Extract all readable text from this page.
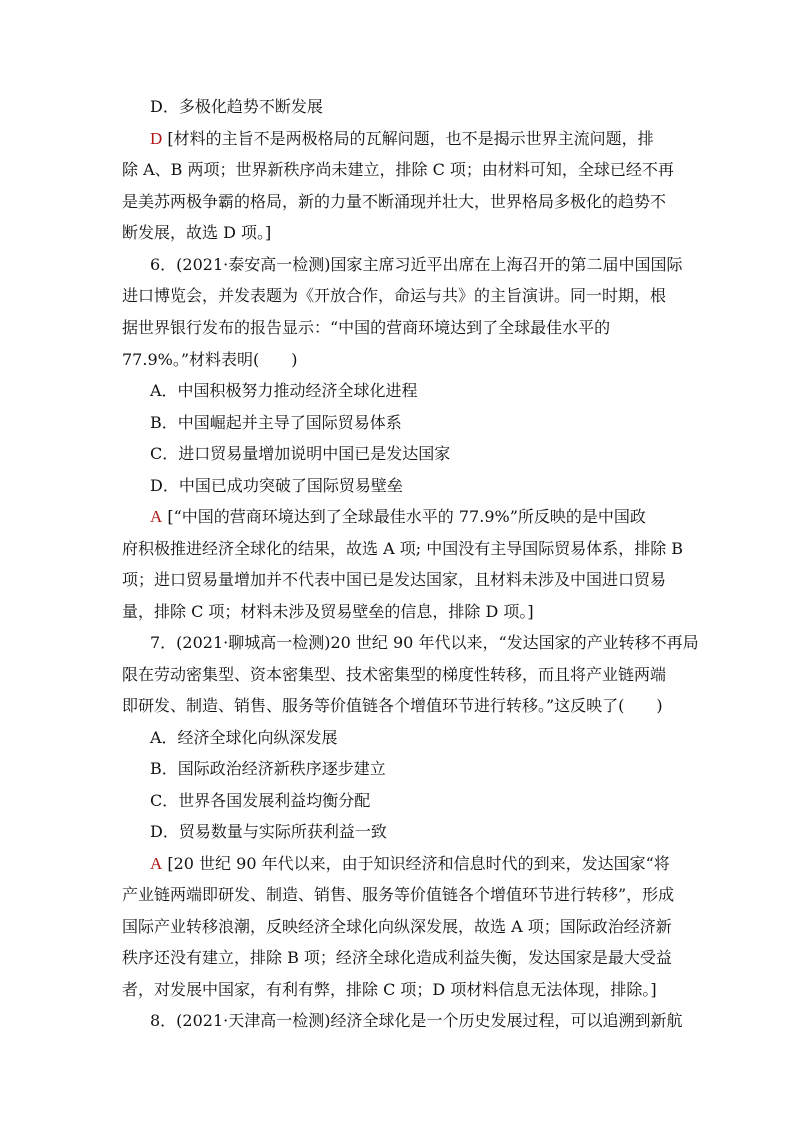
D．多极化趋势不断发展
D [材料的主旨不是两极格局的瓦解问题，也不是揭示世界主流问题，排
除 A、B 两项；世界新秩序尚未建立，排除 C 项；由材料可知，全球已经不再
是美苏两极争霸的格局，新的力量不断涌现并壮大，世界格局多极化的趋势不
断发展，故选 D 项。]
6．(2021·泰安高一检测)国家主席习近平出席在上海召开的第二届中国国际
进口博览会，并发表题为《开放合作，命运与共》的主旨演讲。同一时期，根
据世界银行发布的报告显示：“中国的营商环境达到了全球最佳水平的
77.9%。”材料表明(　　)
A．中国积极努力推动经济全球化进程
B．中国崛起并主导了国际贸易体系
C．进口贸易量增加说明中国已是发达国家
D．中国已成功突破了国际贸易壁垒
A [“中国的营商环境达到了全球最佳水平的 77.9%”所反映的是中国政
府积极推进经济全球化的结果，故选 A 项; 中国没有主导国际贸易体系，排除 B
项；进口贸易量增加并不代表中国已是发达国家，且材料未涉及中国进口贸易
量，排除 C 项；材料未涉及贸易壁垒的信息，排除 D 项。]
7．(2021·聊城高一检测)20 世纪 90 年代以来，“发达国家的产业转移不再局
限在劳动密集型、资本密集型、技术密集型的梯度性转移，而且将产业链两端
即研发、制造、销售、服务等价值链各个增值环节进行转移。”这反映了(　　)
A．经济全球化向纵深发展
B．国际政治经济新秩序逐步建立
C．世界各国发展利益均衡分配
D．贸易数量与实际所获利益一致
A [20 世纪 90 年代以来，由于知识经济和信息时代的到来，发达国家“将
产业链两端即研发、制造、销售、服务等价值链各个增值环节进行转移”，形成
国际产业转移浪潮，反映经济全球化向纵深发展，故选 A 项；国际政治经济新
秩序还没有建立，排除 B 项；经济全球化造成利益失衡，发达国家是最大受益
者，对发展中国家，有利有弊，排除 C 项；D 项材料信息无法体现，排除。]
8．(2021·天津高一检测)经济全球化是一个历史发展过程，可以追溯到新航
